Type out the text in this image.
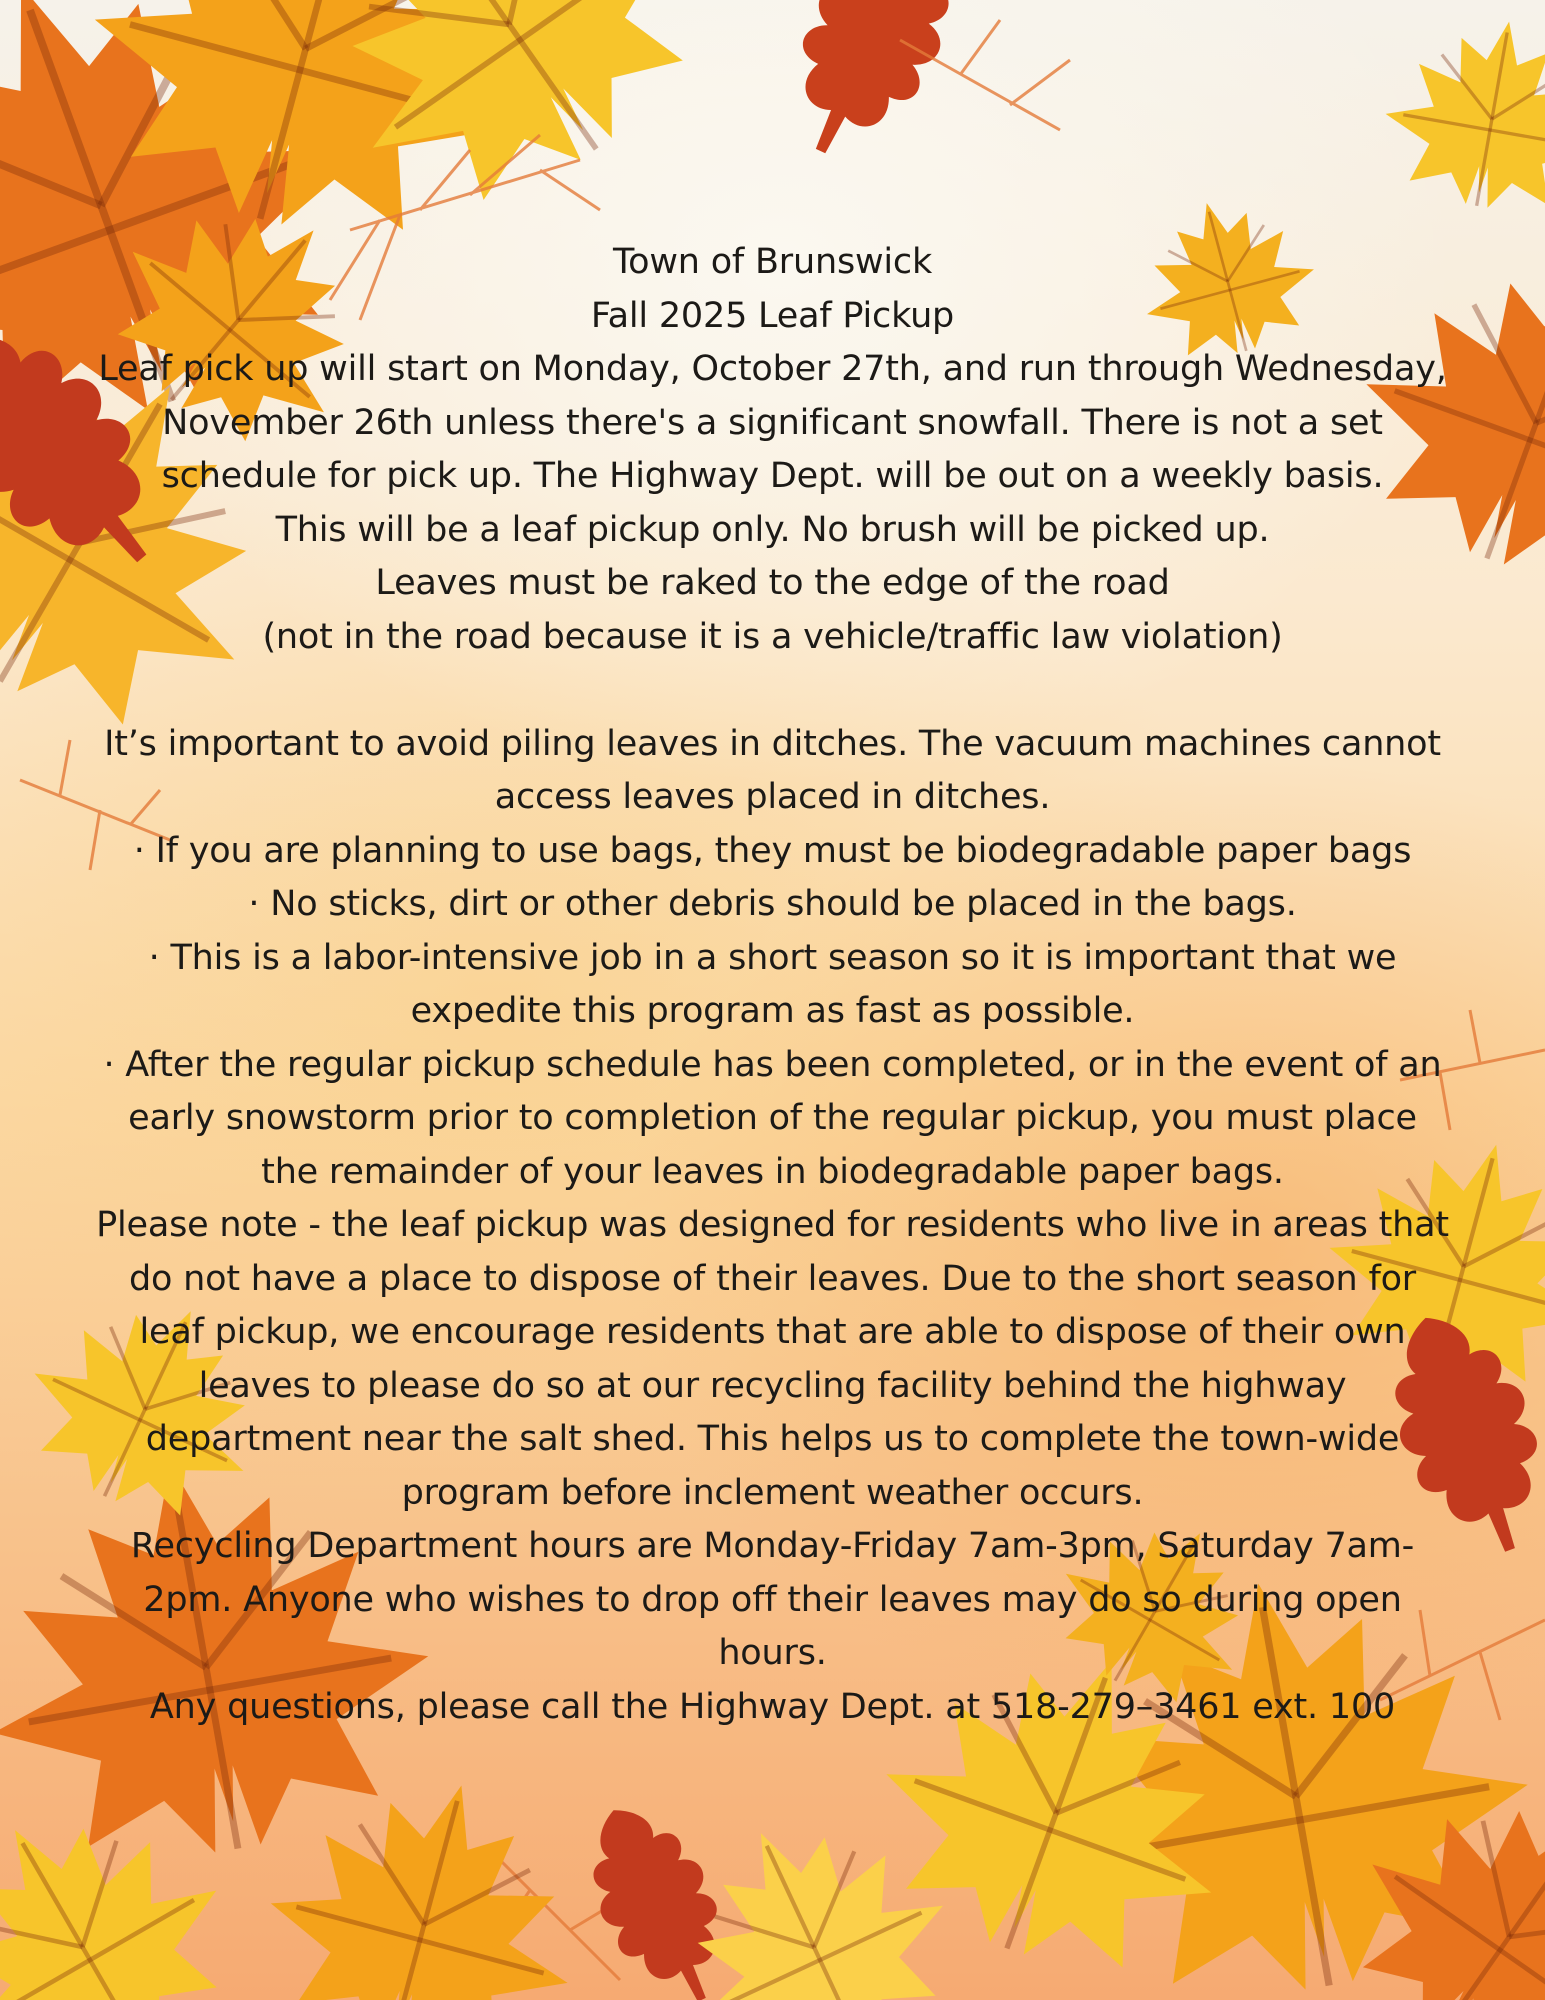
Town of Brunswick

Fall 2025 Leaf Pickup

Leaf pick up will start on Monday, October 27th, and run through Wednesday, November 26th unless there's a significant snowfall. There is not a set schedule for pick up. The Highway Dept. will be out on a weekly basis.

This will be a leaf pickup only. No brush will be picked up.

Leaves must be raked to the edge of the road

(not in the road because it is a vehicle/traffic law violation)

It’s important to avoid piling leaves in ditches. The vacuum machines cannot access leaves placed in ditches.

· If you are planning to use bags, they must be biodegradable paper bags

· No sticks, dirt or other debris should be placed in the bags.

· This is a labor-intensive job in a short season so it is important that we expedite this program as fast as possible.

· After the regular pickup schedule has been completed, or in the event of an early snowstorm prior to completion of the regular pickup, you must place the remainder of your leaves in biodegradable paper bags.

Please note - the leaf pickup was designed for residents who live in areas that do not have a place to dispose of their leaves. Due to the short season for leaf pickup, we encourage residents that are able to dispose of their own leaves to please do so at our recycling facility behind the highway department near the salt shed. This helps us to complete the town-wide program before inclement weather occurs.

Recycling Department hours are Monday-Friday 7am-3pm, Saturday 7am-2pm. Anyone who wishes to drop off their leaves may do so during open hours.

Any questions, please call the Highway Dept. at 518-279–3461 ext. 100
